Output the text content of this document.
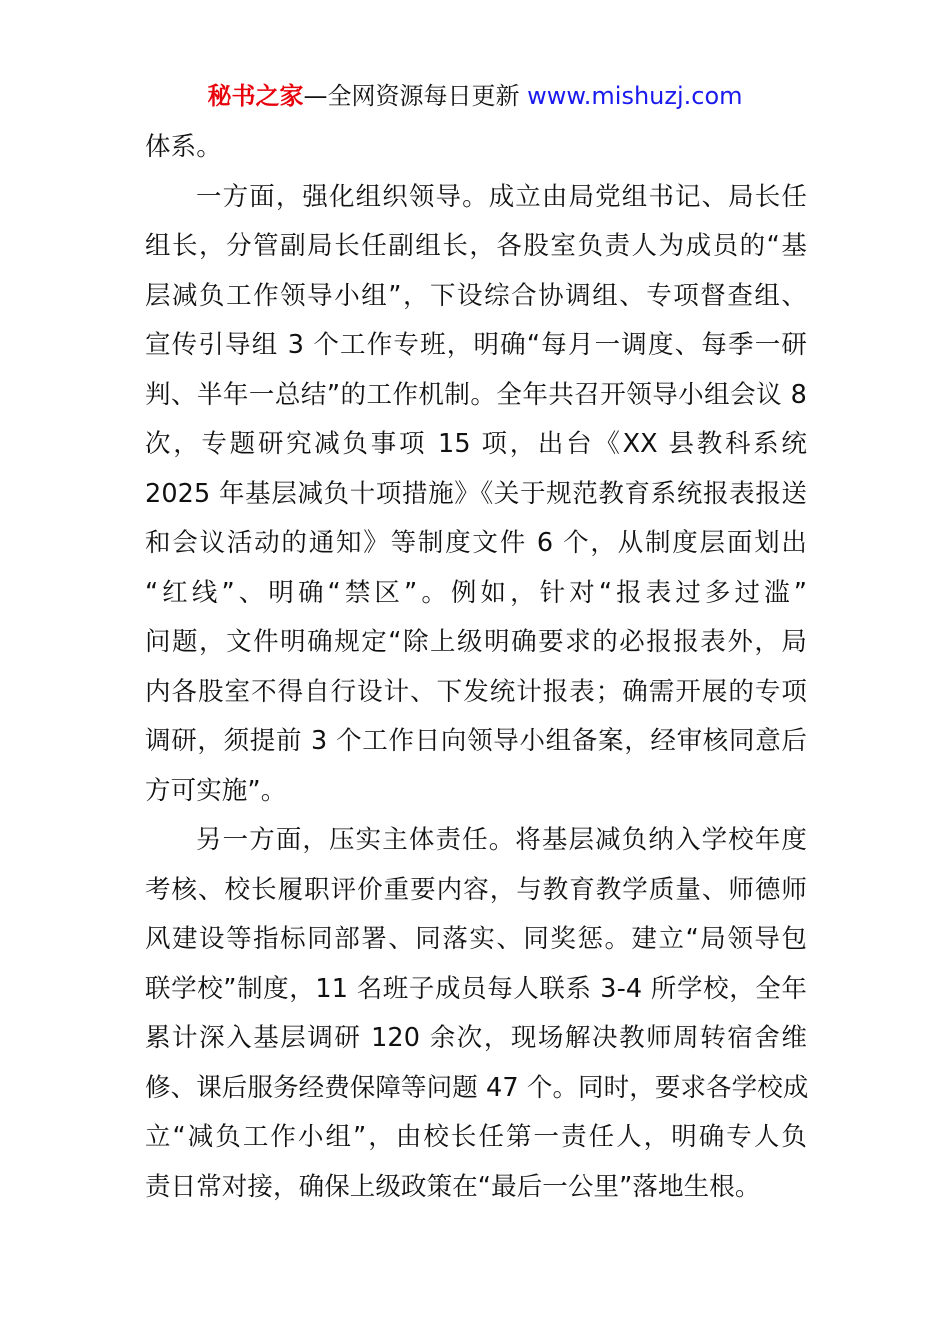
秘书之家—全网资源每日更新 www.mishuzj.com
体系。
一方面，强化组织领导。成立由局党组书记、局长任
组长，分管副局长任副组长，各股室负责人为成员的“基
层减负工作领导小组”，下设综合协调组、专项督查组、
宣传引导组 3 个工作专班，明确“每月一调度、每季一研
判、半年一总结”的工作机制。全年共召开领导小组会议 8
次，专题研究减负事项 15 项，出台《XX 县教科系统
2025 年基层减负十项措施》《关于规范教育系统报表报送
和会议活动的通知》等制度文件 6 个，从制度层面划出
“红线”、明确“禁区”。例如，针对“报表过多过滥”
问题，文件明确规定“除上级明确要求的必报报表外，局
内各股室不得自行设计、下发统计报表；确需开展的专项
调研，须提前 3 个工作日向领导小组备案，经审核同意后
方可实施”。
另一方面，压实主体责任。将基层减负纳入学校年度
考核、校长履职评价重要内容，与教育教学质量、师德师
风建设等指标同部署、同落实、同奖惩。建立“局领导包
联学校”制度，11 名班子成员每人联系 3-4 所学校，全年
累计深入基层调研 120 余次，现场解决教师周转宿舍维
修、课后服务经费保障等问题 47 个。同时，要求各学校成
立“减负工作小组”，由校长任第一责任人，明确专人负
责日常对接，确保上级政策在“最后一公里”落地生根。
